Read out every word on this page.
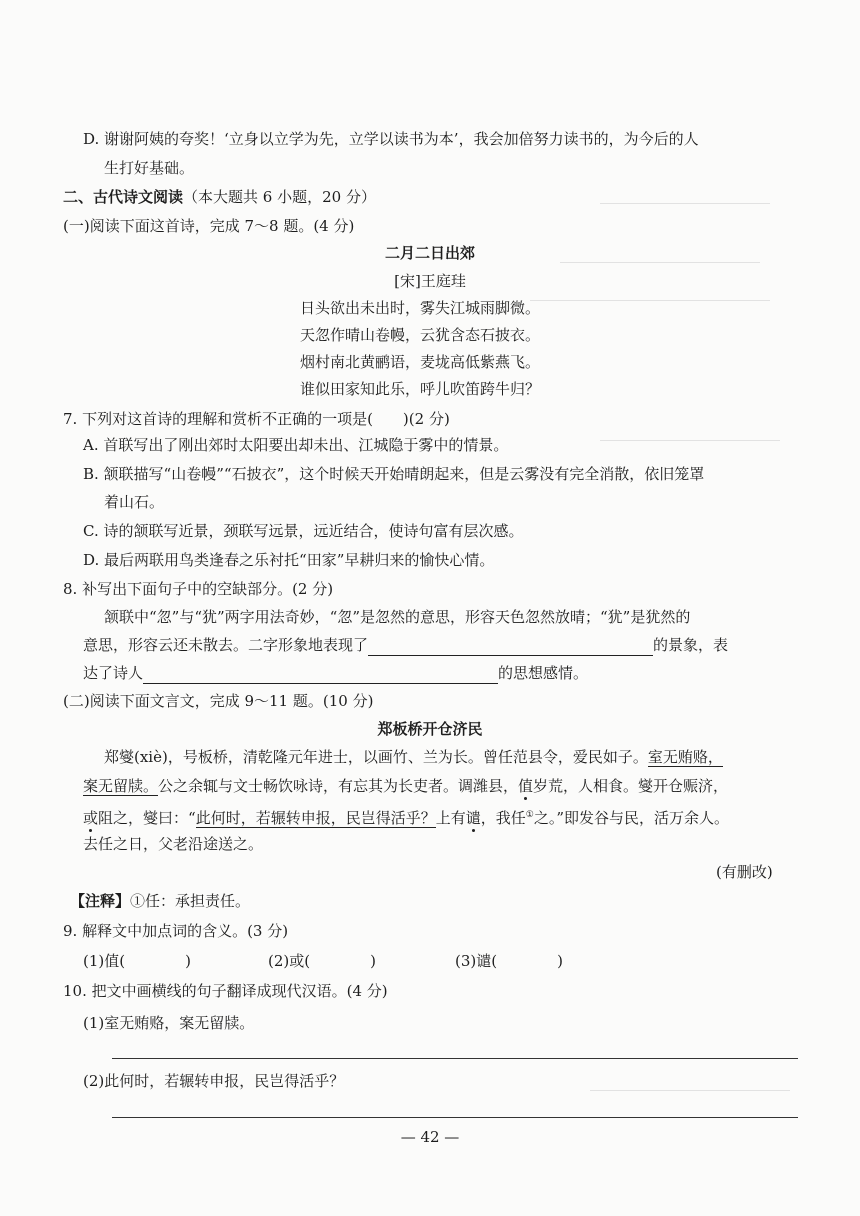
D. 谢谢阿姨的夸奖！‘立身以立学为先，立学以读书为本’，我会加倍努力读书的，为今后的人
生打好基础。
二、古代诗文阅读（本大题共 6 小题，20 分）
(一)阅读下面这首诗，完成 7～8 题。(4 分)
二月二日出郊
[宋]王庭珪
日头欲出未出时，雾失江城雨脚微。
天忽作晴山卷幔，云犹含态石披衣。
烟村南北黄鹂语，麦垅高低紫燕飞。
谁似田家知此乐，呼儿吹笛跨牛归？
7. 下列对这首诗的理解和赏析不正确的一项是(　　)(2 分)
A. 首联写出了刚出郊时太阳要出却未出、江城隐于雾中的情景。
B. 颔联描写“山卷幔”“石披衣”，这个时候天开始晴朗起来，但是云雾没有完全消散，依旧笼罩
着山石。
C. 诗的颔联写近景，颈联写远景，远近结合，使诗句富有层次感。
D. 最后两联用鸟类逢春之乐衬托“田家”早耕归来的愉快心情。
8. 补写出下面句子中的空缺部分。(2 分)
颔联中“忽”与“犹”两字用法奇妙，“忽”是忽然的意思，形容天色忽然放晴；“犹”是犹然的
意思，形容云还未散去。二字形象地表现了	的景象，表
达了诗人	的思想感情。
(二)阅读下面文言文，完成 9～11 题。(10 分)
郑板桥开仓济民
郑燮(xiè)，号板桥，清乾隆元年进士，以画竹、兰为长。曾任范县令，爱民如子。室无贿赂，
案无留牍。公之余辄与文士畅饮咏诗，有忘其为长吏者。调潍县，值岁荒，人相食。燮开仓赈济，
或阻之，燮曰：“此何时，若辗转申报，民岂得活乎？上有谴，我任①之。”即发谷与民，活万余人。
去任之日，父老沿途送之。
(有删改)
【注释】①任：承担责任。
9. 解释文中加点词的含义。(3 分)
(1)值(　　　　)	(2)或(　　　　)	(3)谴(　　　　)
10. 把文中画横线的句子翻译成现代汉语。(4 分)
(1)室无贿赂，案无留牍。
(2)此何时，若辗转申报，民岂得活乎？
— 42 —
